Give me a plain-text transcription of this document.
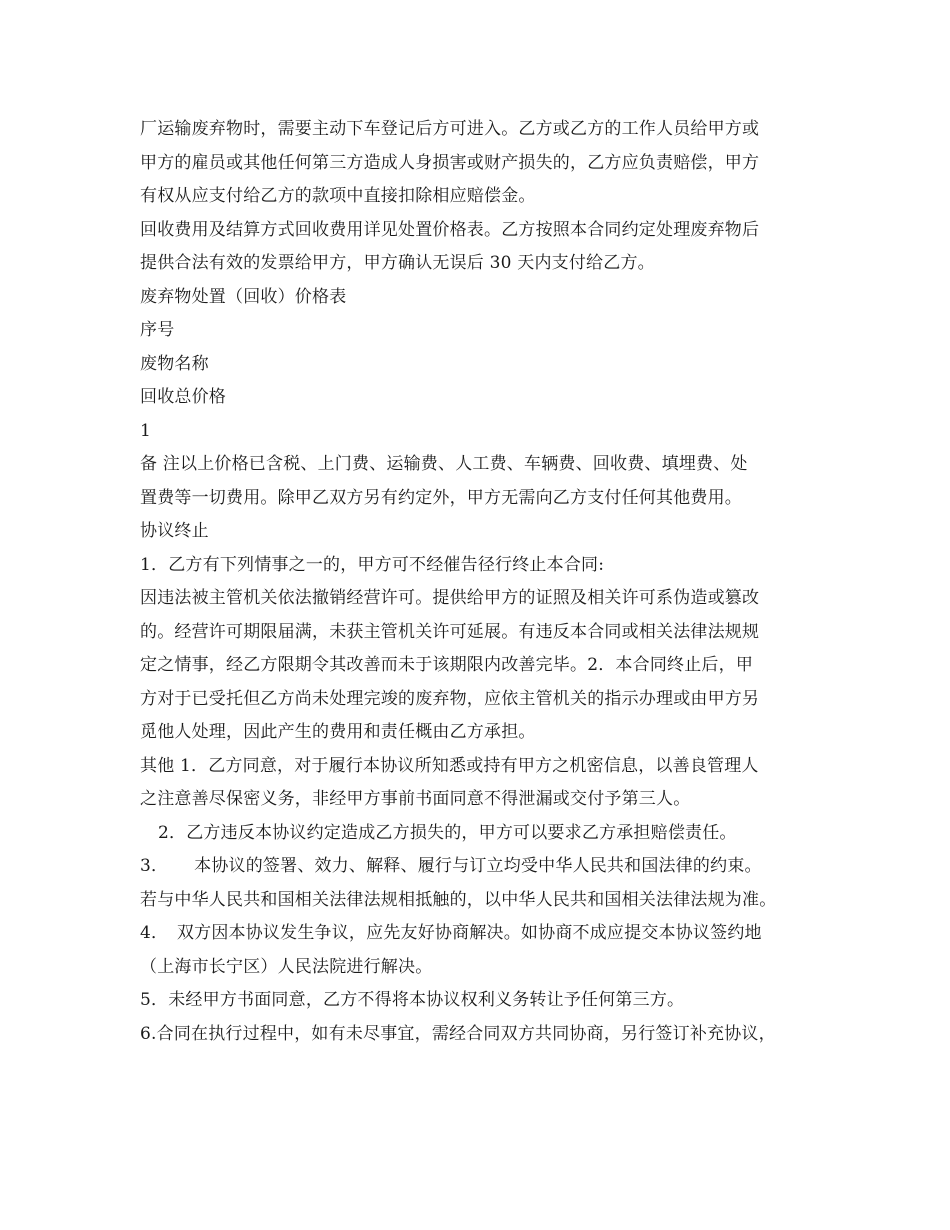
厂运输废弃物时，需要主动下车登记后方可进入。乙方或乙方的工作人员给甲方或
甲方的雇员或其他任何第三方造成人身损害或财产损失的，乙方应负责赔偿，甲方
有权从应支付给乙方的款项中直接扣除相应赔偿金。
回收费用及结算方式回收费用详见处置价格表。乙方按照本合同约定处理废弃物后
提供合法有效的发票给甲方，甲方确认无误后 30 天内支付给乙方。
废弃物处置（回收）价格表
序号
废物名称
回收总价格
1
备 注以上价格已含税、上门费、运输费、人工费、车辆费、回收费、填埋费、处
置费等一切费用。除甲乙双方另有约定外，甲方无需向乙方支付任何其他费用。
协议终止
1．乙方有下列情事之一的，甲方可不经催告径行终止本合同:
因违法被主管机关依法撤销经营许可。提供给甲方的证照及相关许可系伪造或篡改
的。经营许可期限届满，未获主管机关许可延展。有违反本合同或相关法律法规规
定之情事，经乙方限期令其改善而未于该期限内改善完毕。2．本合同终止后，甲
方对于已受托但乙方尚未处理完竣的废弃物，应依主管机关的指示办理或由甲方另
觅他人处理，因此产生的费用和责任概由乙方承担。
其他 1．乙方同意，对于履行本协议所知悉或持有甲方之机密信息，以善良管理人
之注意善尽保密义务，非经甲方事前书面同意不得泄漏或交付予第三人。
2．乙方违反本协议约定造成乙方损失的，甲方可以要求乙方承担赔偿责任。
3．　　本协议的签署、效力、解释、履行与订立均受中华人民共和国法律的约束。
若与中华人民共和国相关法律法规相抵触的，以中华人民共和国相关法律法规为准。
4．　双方因本协议发生争议，应先友好协商解决。如协商不成应提交本协议签约地
（上海市长宁区）人民法院进行解决。
5．未经甲方书面同意，乙方不得将本协议权利义务转让予任何第三方。
6.合同在执行过程中，如有未尽事宜，需经合同双方共同协商，另行签订补充协议，
